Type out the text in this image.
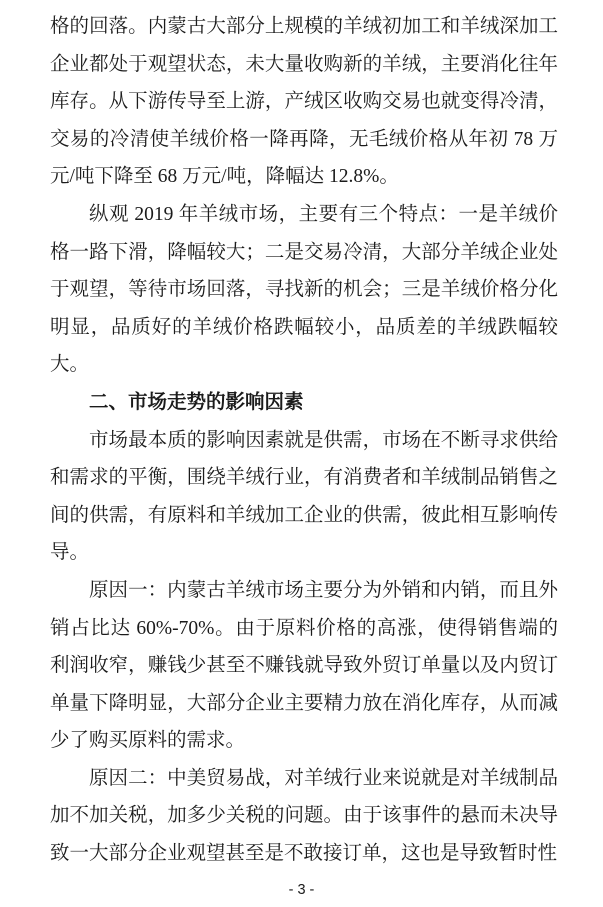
格的回落。内蒙古大部分上规模的羊绒初加工和羊绒深加工企业都处于观望状态，未大量收购新的羊绒，主要消化往年库存。从下游传导至上游，产绒区收购交易也就变得冷清，交易的冷清使羊绒价格一降再降，无毛绒价格从年初 78 万元/吨下降至 68 万元/吨，降幅达 12.8%。

纵观 2019 年羊绒市场，主要有三个特点：一是羊绒价格一路下滑，降幅较大；二是交易冷清，大部分羊绒企业处于观望，等待市场回落，寻找新的机会；三是羊绒价格分化明显，品质好的羊绒价格跌幅较小，品质差的羊绒跌幅较大。

二、市场走势的影响因素

市场最本质的影响因素就是供需，市场在不断寻求供给和需求的平衡，围绕羊绒行业，有消费者和羊绒制品销售之间的供需，有原料和羊绒加工企业的供需，彼此相互影响传导。

原因一：内蒙古羊绒市场主要分为外销和内销，而且外销占比达 60%-70%。由于原料价格的高涨，使得销售端的利润收窄，赚钱少甚至不赚钱就导致外贸订单量以及内贸订单量下降明显，大部分企业主要精力放在消化库存，从而减少了购买原料的需求。

原因二：中美贸易战，对羊绒行业来说就是对羊绒制品加不加关税，加多少关税的问题。由于该事件的悬而未决导致一大部分企业观望甚至是不敢接订单，这也是导致暂时性

- 3 -
